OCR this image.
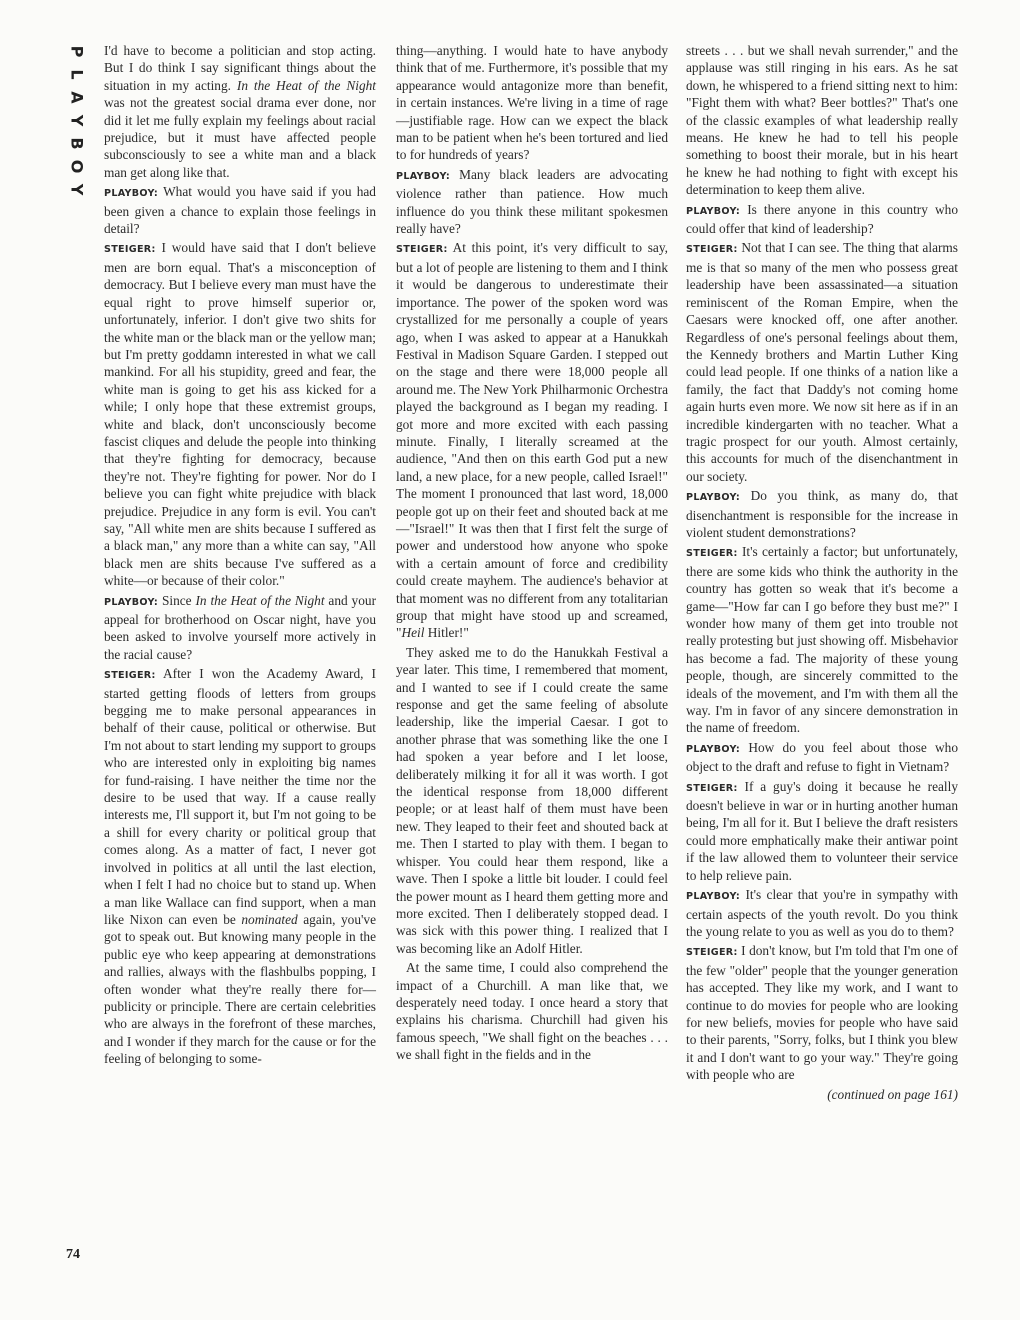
P
L
A
Y
B
O
Y
74

I'd have to become a politician and stop acting. But I do think I say significant things about the situation in my acting. In the Heat of the Night was not the greatest social drama ever done, nor did it let me fully explain my feelings about racial prejudice, but it must have affected people subconsciously to see a white man and a black man get along like that.

PLAYBOY: What would you have said if you had been given a chance to explain those feelings in detail?

STEIGER: I would have said that I don't believe men are born equal. That's a misconception of democracy. But I believe every man must have the equal right to prove himself superior or, unfortunately, inferior. I don't give two shits for the white man or the black man or the yellow man; but I'm pretty goddamn interested in what we call mankind. For all his stupidity, greed and fear, the white man is going to get his ass kicked for a while; I only hope that these extremist groups, white and black, don't unconsciously become fascist cliques and delude the people into thinking that they're fighting for democracy, because they're not. They're fighting for power. Nor do I believe you can fight white prejudice with black prejudice. Prejudice in any form is evil. You can't say, "All white men are shits because I suffered as a black man," any more than a white can say, "All black men are shits because I've suffered as a white—or because of their color."

PLAYBOY: Since In the Heat of the Night and your appeal for brotherhood on Oscar night, have you been asked to involve yourself more actively in the racial cause?

STEIGER: After I won the Academy Award, I started getting floods of letters from groups begging me to make personal appearances in behalf of their cause, political or otherwise. But I'm not about to start lending my support to groups who are interested only in exploiting big names for fund-raising. I have neither the time nor the desire to be used that way. If a cause really interests me, I'll support it, but I'm not going to be a shill for every charity or political group that comes along. As a matter of fact, I never got involved in politics at all until the last election, when I felt I had no choice but to stand up. When a man like Wallace can find support, when a man like Nixon can even be nominated again, you've got to speak out. But knowing many people in the public eye who keep appearing at demonstrations and rallies, always with the flashbulbs popping, I often wonder what they're really there for—publicity or principle. There are certain celebrities who are always in the forefront of these marches, and I wonder if they march for the cause or for the feeling of belonging to some-

thing—anything. I would hate to have anybody think that of me. Furthermore, it's possible that my appearance would antagonize more than benefit, in certain instances. We're living in a time of rage—justifiable rage. How can we expect the black man to be patient when he's been tortured and lied to for hundreds of years?

PLAYBOY: Many black leaders are advocating violence rather than patience. How much influence do you think these militant spokesmen really have?

STEIGER: At this point, it's very difficult to say, but a lot of people are listening to them and I think it would be dangerous to underestimate their importance. The power of the spoken word was crystallized for me personally a couple of years ago, when I was asked to appear at a Hanukkah Festival in Madison Square Garden. I stepped out on the stage and there were 18,000 people all around me. The New York Philharmonic Orchestra played the background as I began my reading. I got more and more excited with each passing minute. Finally, I literally screamed at the audience, "And then on this earth God put a new land, a new place, for a new people, called Israel!" The moment I pronounced that last word, 18,000 people got up on their feet and shouted back at me—"Israel!" It was then that I first felt the surge of power and understood how anyone who spoke with a certain amount of force and credibility could create mayhem. The audience's behavior at that moment was no different from any totalitarian group that might have stood up and screamed, "Heil Hitler!"

They asked me to do the Hanukkah Festival a year later. This time, I remembered that moment, and I wanted to see if I could create the same response and get the same feeling of absolute leadership, like the imperial Caesar. I got to another phrase that was something like the one I had spoken a year before and I let loose, deliberately milking it for all it was worth. I got the identical response from 18,000 different people; or at least half of them must have been new. They leaped to their feet and shouted back at me. Then I started to play with them. I began to whisper. You could hear them respond, like a wave. Then I spoke a little bit louder. I could feel the power mount as I heard them getting more and more excited. Then I deliberately stopped dead. I was sick with this power thing. I realized that I was becoming like an Adolf Hitler.

At the same time, I could also comprehend the impact of a Churchill. A man like that, we desperately need today. I once heard a story that explains his charisma. Churchill had given his famous speech, "We shall fight on the beaches . . . we shall fight in the fields and in the

streets . . . but we shall nevah surrender," and the applause was still ringing in his ears. As he sat down, he whispered to a friend sitting next to him: "Fight them with what? Beer bottles?" That's one of the classic examples of what leadership really means. He knew he had to tell his people something to boost their morale, but in his heart he knew he had nothing to fight with except his determination to keep them alive.

PLAYBOY: Is there anyone in this country who could offer that kind of leadership?

STEIGER: Not that I can see. The thing that alarms me is that so many of the men who possess great leadership have been assassinated—a situation reminiscent of the Roman Empire, when the Caesars were knocked off, one after another. Regardless of one's personal feelings about them, the Kennedy brothers and Martin Luther King could lead people. If one thinks of a nation like a family, the fact that Daddy's not coming home again hurts even more. We now sit here as if in an incredible kindergarten with no teacher. What a tragic prospect for our youth. Almost certainly, this accounts for much of the disenchantment in our society.

PLAYBOY: Do you think, as many do, that disenchantment is responsible for the increase in violent student demonstrations?

STEIGER: It's certainly a factor; but unfortunately, there are some kids who think the authority in the country has gotten so weak that it's become a game—"How far can I go before they bust me?" I wonder how many of them get into trouble not really protesting but just showing off. Misbehavior has become a fad. The majority of these young people, though, are sincerely committed to the ideals of the movement, and I'm with them all the way. I'm in favor of any sincere demonstration in the name of freedom.

PLAYBOY: How do you feel about those who object to the draft and refuse to fight in Vietnam?

STEIGER: If a guy's doing it because he really doesn't believe in war or in hurting another human being, I'm all for it. But I believe the draft resisters could more emphatically make their antiwar point if the law allowed them to volunteer their service to help relieve pain.

PLAYBOY: It's clear that you're in sympathy with certain aspects of the youth revolt. Do you think the young relate to you as well as you do to them?

STEIGER: I don't know, but I'm told that I'm one of the few "older" people that the younger generation has accepted. They like my work, and I want to continue to do movies for people who are looking for new beliefs, movies for people who have said to their parents, "Sorry, folks, but I think you blew it and I don't want to go your way." They're going with people who are

(continued on page 161)
